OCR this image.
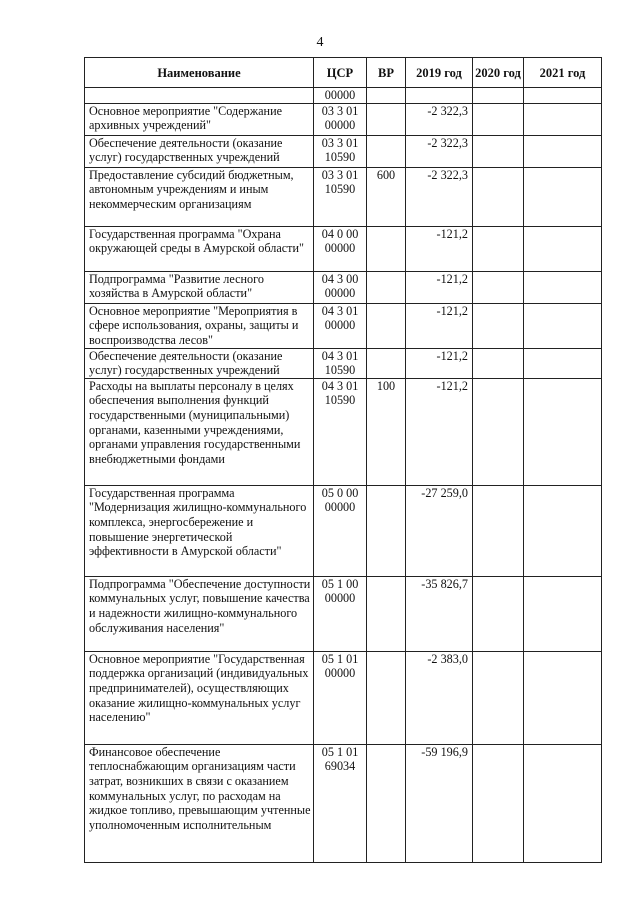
4
Наименование	ЦСР	ВР	2019 год	2020 год	2021 год
	00000				
Основное мероприятие "Содержание архивных учреждений"	03 3 01 00000		-2 322,3		
Обеспечение деятельности (оказание услуг) государственных учреждений	03 3 01 10590		-2 322,3		
Предоставление субсидий бюджетным, автономным учреждениям и иным некоммерческим организациям	03 3 01 10590	600	-2 322,3		
Государственная программа "Охрана окружающей среды в Амурской области"	04 0 00 00000		-121,2		
Подпрограмма "Развитие лесного хозяйства в Амурской области"	04 3 00 00000		-121,2		
Основное мероприятие "Мероприятия в сфере использования, охраны, защиты и воспроизводства лесов"	04 3 01 00000		-121,2		
Обеспечение деятельности (оказание услуг) государственных учреждений	04 3 01 10590		-121,2		
Расходы на выплаты персоналу в целях обеспечения выполнения функций государственными (муниципальными) органами, казенными учреждениями, органами управления государственными внебюджетными фондами	04 3 01 10590	100	-121,2		
Государственная программа "Модернизация жилищно-коммунального комплекса, энергосбережение и повышение энергетической эффективности в Амурской области"	05 0 00 00000		-27 259,0		
Подпрограмма "Обеспечение доступности коммунальных услуг, повышение качества и надежности жилищно-коммунального обслуживания населения"	05 1 00 00000		-35 826,7		
Основное мероприятие "Государственная поддержка организаций (индивидуальных предпринимателей), осуществляющих оказание жилищно-коммунальных услуг населению"	05 1 01 00000		-2 383,0		
Финансовое обеспечение теплоснабжающим организациям части затрат, возникших в связи с оказанием коммунальных услуг, по расходам на жидкое топливо, превышающим учтенные уполномоченным исполнительным	05 1 01 69034		-59 196,9		
